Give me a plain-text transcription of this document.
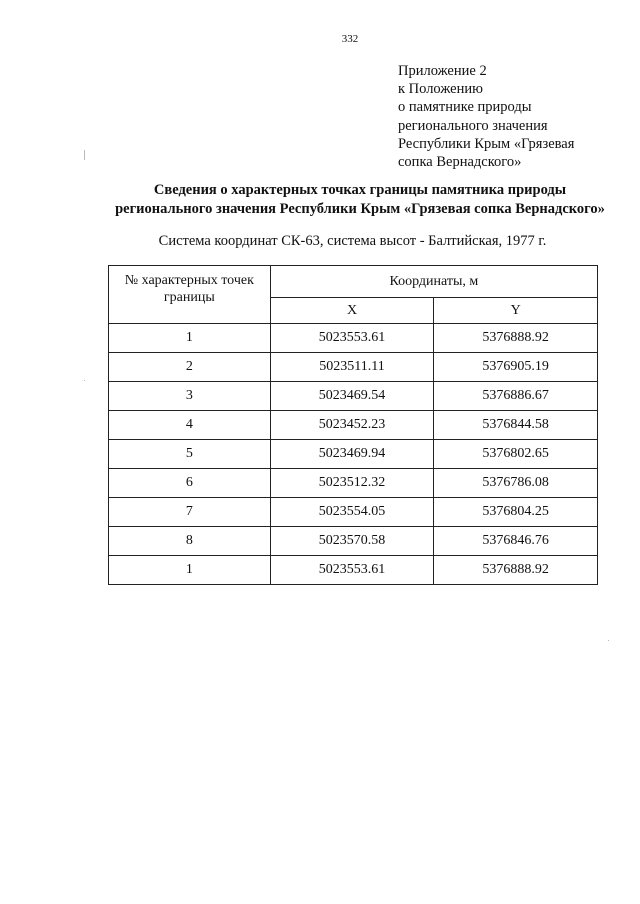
332
Приложение 2
к Положению
о памятнике природы
регионального значения
Республики Крым «Грязевая
сопка Вернадского»
Сведения о характерных точках границы памятника природы
регионального значения Республики Крым «Грязевая сопка Вернадского»
Система координат СК-63, система высот - Балтийская, 1977 г.
№ характерных точек границы	Координаты, м	
	X	Y
1	5023553.61	5376888.92
2	5023511.11	5376905.19
3	5023469.54	5376886.67
4	5023452.23	5376844.58
5	5023469.94	5376802.65
6	5023512.32	5376786.08
7	5023554.05	5376804.25
8	5023570.58	5376846.76
1	5023553.61	5376888.92
